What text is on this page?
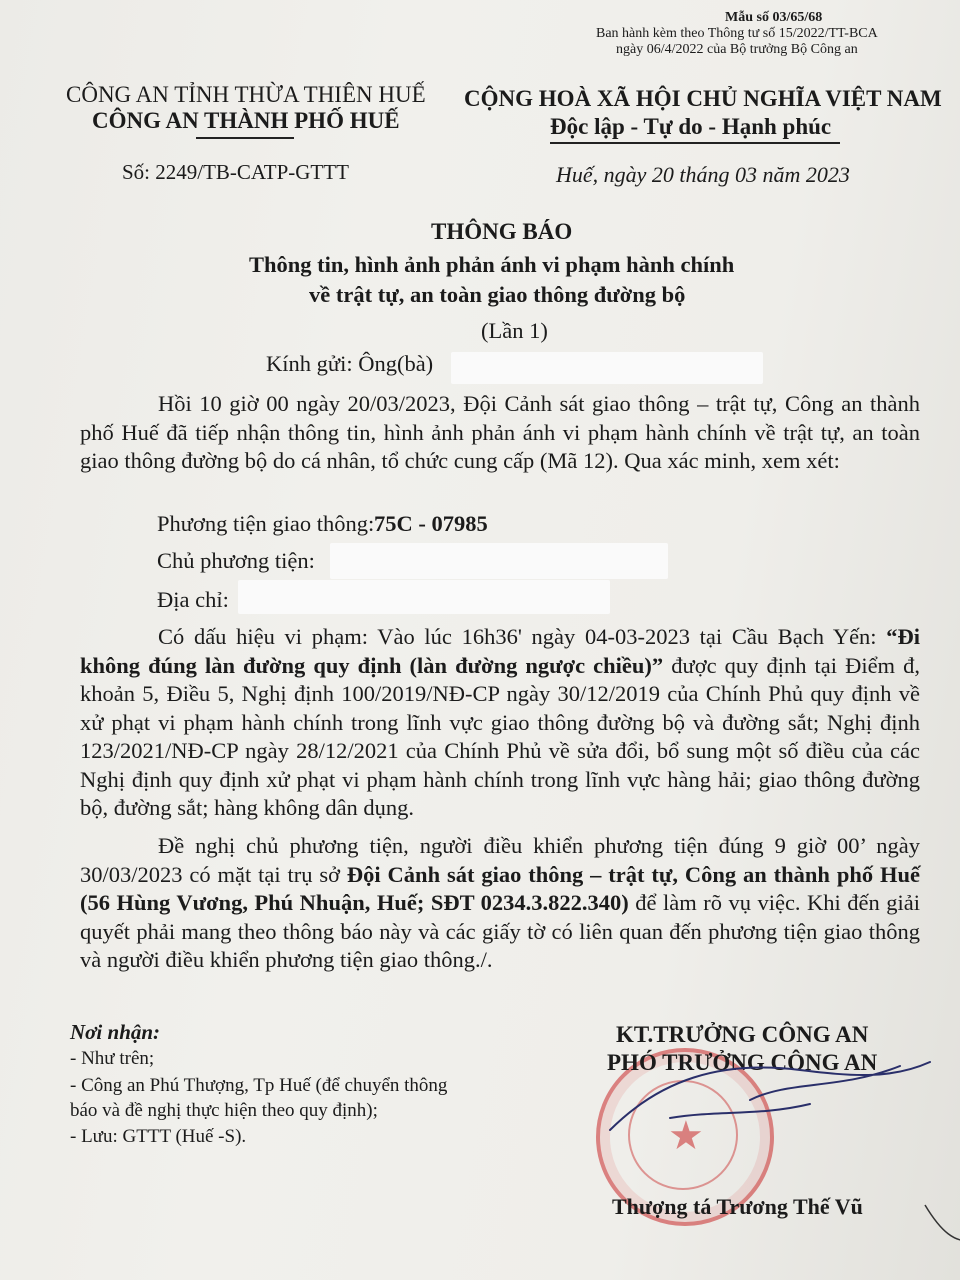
Mẫu số 03/65/68
Ban hành kèm theo Thông tư số 15/2022/TT-BCA
ngày 06/4/2022 của Bộ trưởng Bộ Công an
CÔNG AN TỈNH THỪA THIÊN HUẾ
CÔNG AN THÀNH PHỐ HUẾ
Số: 2249/TB-CATP-GTTT
CỘNG HOÀ XÃ HỘI CHỦ NGHĨA VIỆT NAM
Độc lập - Tự do - Hạnh phúc
Huế, ngày 20 tháng 03 năm 2023
THÔNG BÁO
Thông tin, hình ảnh phản ánh vi phạm hành chính
về trật tự, an toàn giao thông đường bộ
(Lần 1)
Kính gửi: Ông(bà)
Hồi 10 giờ 00 ngày 20/03/2023, Đội Cảnh sát giao thông – trật tự, Công an thành phố Huế đã tiếp nhận thông tin, hình ảnh phản ánh vi phạm hành chính về trật tự, an toàn giao thông đường bộ do cá nhân, tổ chức cung cấp (Mã 12). Qua xác minh, xem xét:
Phương tiện giao thông: 75C - 07985
Chủ phương tiện:
Địa chỉ:
Có dấu hiệu vi phạm: Vào lúc 16h36' ngày 04-03-2023 tại Cầu Bạch Yến: “Đi không đúng làn đường quy định (làn đường ngược chiều)” được quy định tại Điểm đ, khoản 5, Điều 5, Nghị định 100/2019/NĐ-CP ngày 30/12/2019 của Chính Phủ quy định về xử phạt vi phạm hành chính trong lĩnh vực giao thông đường bộ và đường sắt; Nghị định 123/2021/NĐ-CP ngày 28/12/2021 của Chính Phủ về sửa đổi, bổ sung một số điều của các Nghị định quy định xử phạt vi phạm hành chính trong lĩnh vực hàng hải; giao thông đường bộ, đường sắt; hàng không dân dụng.
Đề nghị chủ phương tiện, người điều khiển phương tiện đúng 9 giờ 00’ ngày 30/03/2023 có mặt tại trụ sở Đội Cảnh sát giao thông – trật tự, Công an thành phố Huế (56 Hùng Vương, Phú Nhuận, Huế; SĐT 0234.3.822.340) để làm rõ vụ việc. Khi đến giải quyết phải mang theo thông báo này và các giấy tờ có liên quan đến phương tiện giao thông và người điều khiển phương tiện giao thông./.
Nơi nhận:
- Như trên;
- Công an Phú Thượng, Tp Huế (để chuyển thông
báo và đề nghị thực hiện theo quy định);
- Lưu: GTTT (Huế -S).	★
KT.TRƯỞNG CÔNG AN
PHÓ TRƯỞNG CÔNG AN
Thượng tá Trương Thế Vũ
